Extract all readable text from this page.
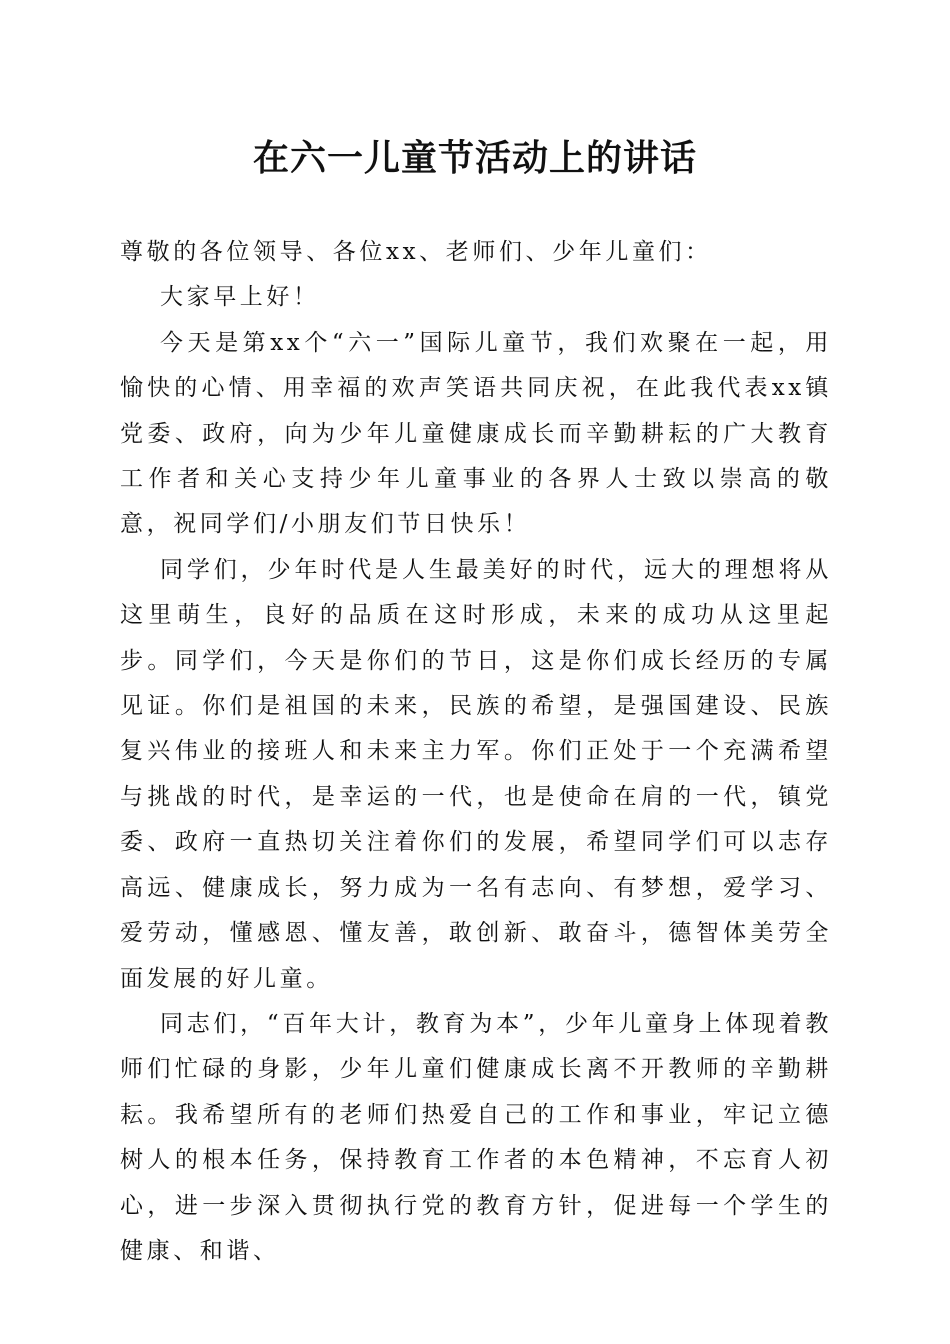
在六一儿童节活动上的讲话

尊敬的各位领导、各位xx、老师们、少年儿童们：

大家早上好！

今天是第xx个“六一”国际儿童节，我们欢聚在一起，用愉快的心情、用幸福的欢声笑语共同庆祝，在此我代表xx镇党委、政府，向为少年儿童健康成长而辛勤耕耘的广大教育工作者和关心支持少年儿童事业的各界人士致以崇高的敬意，祝同学们/小朋友们节日快乐！

同学们，少年时代是人生最美好的时代，远大的理想将从这里萌生，良好的品质在这时形成，未来的成功从这里起步。同学们，今天是你们的节日，这是你们成长经历的专属见证。你们是祖国的未来，民族的希望，是强国建设、民族复兴伟业的接班人和未来主力军。你们正处于一个充满希望与挑战的时代，是幸运的一代，也是使命在肩的一代，镇党委、政府一直热切关注着你们的发展，希望同学们可以志存高远、健康成长，努力成为一名有志向、有梦想，爱学习、爱劳动，懂感恩、懂友善，敢创新、敢奋斗，德智体美劳全面发展的好儿童。

同志们，“百年大计，教育为本”，少年儿童身上体现着教师们忙碌的身影，少年儿童们健康成长离不开教师的辛勤耕耘。我希望所有的老师们热爱自己的工作和事业，牢记立德树人的根本任务，保持教育工作者的本色精神，不忘育人初心，进一步深入贯彻执行党的教育方针，促进每一个学生的健康、和谐、
